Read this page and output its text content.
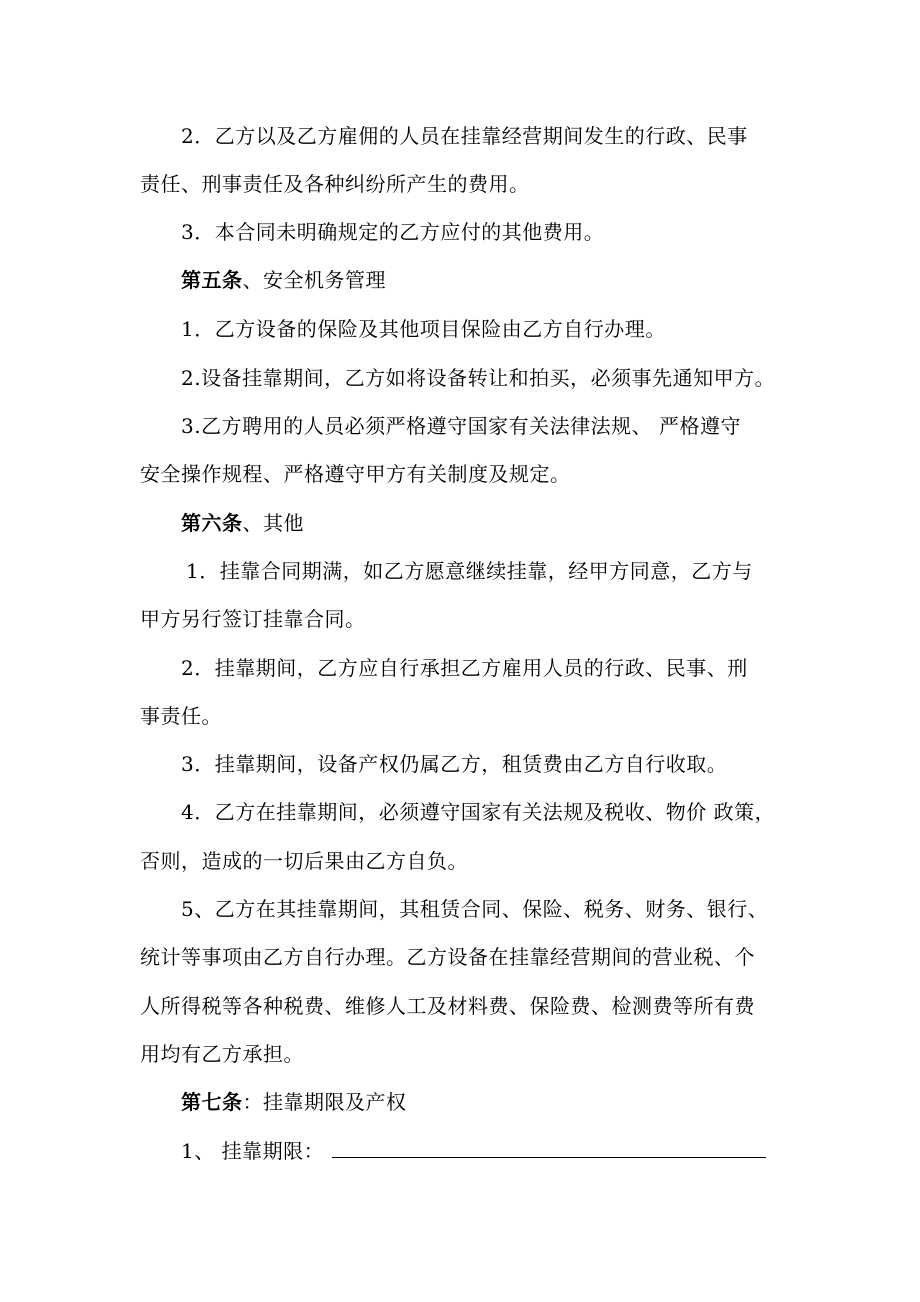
2．乙方以及乙方雇佣的人员在挂靠经营期间发生的行政、民事
责任、刑事责任及各种纠纷所产生的费用。
3．本合同未明确规定的乙方应付的其他费用。
第五条、安全机务管理
1．乙方设备的保险及其他项目保险由乙方自行办理。
2.设备挂靠期间，乙方如将设备转让和拍买，必须事先通知甲方。
3.乙方聘用的人员必须严格遵守国家有关法律法规、 严格遵守
安全操作规程、严格遵守甲方有关制度及规定。
第六条、其他
1．挂靠合同期满，如乙方愿意继续挂靠，经甲方同意，乙方与
甲方另行签订挂靠合同。
2．挂靠期间，乙方应自行承担乙方雇用人员的行政、民事、刑
事责任。
3．挂靠期间，设备产权仍属乙方，租赁费由乙方自行收取。
4．乙方在挂靠期间，必须遵守国家有关法规及税收、物价 政策，
否则，造成的一切后果由乙方自负。
5、乙方在其挂靠期间，其租赁合同、保险、税务、财务、银行、
统计等事项由乙方自行办理。乙方设备在挂靠经营期间的营业税、个
人所得税等各种税费、维修人工及材料费、保险费、检测费等所有费
用均有乙方承担。
第七条：挂靠期限及产权
1、 挂靠期限：
